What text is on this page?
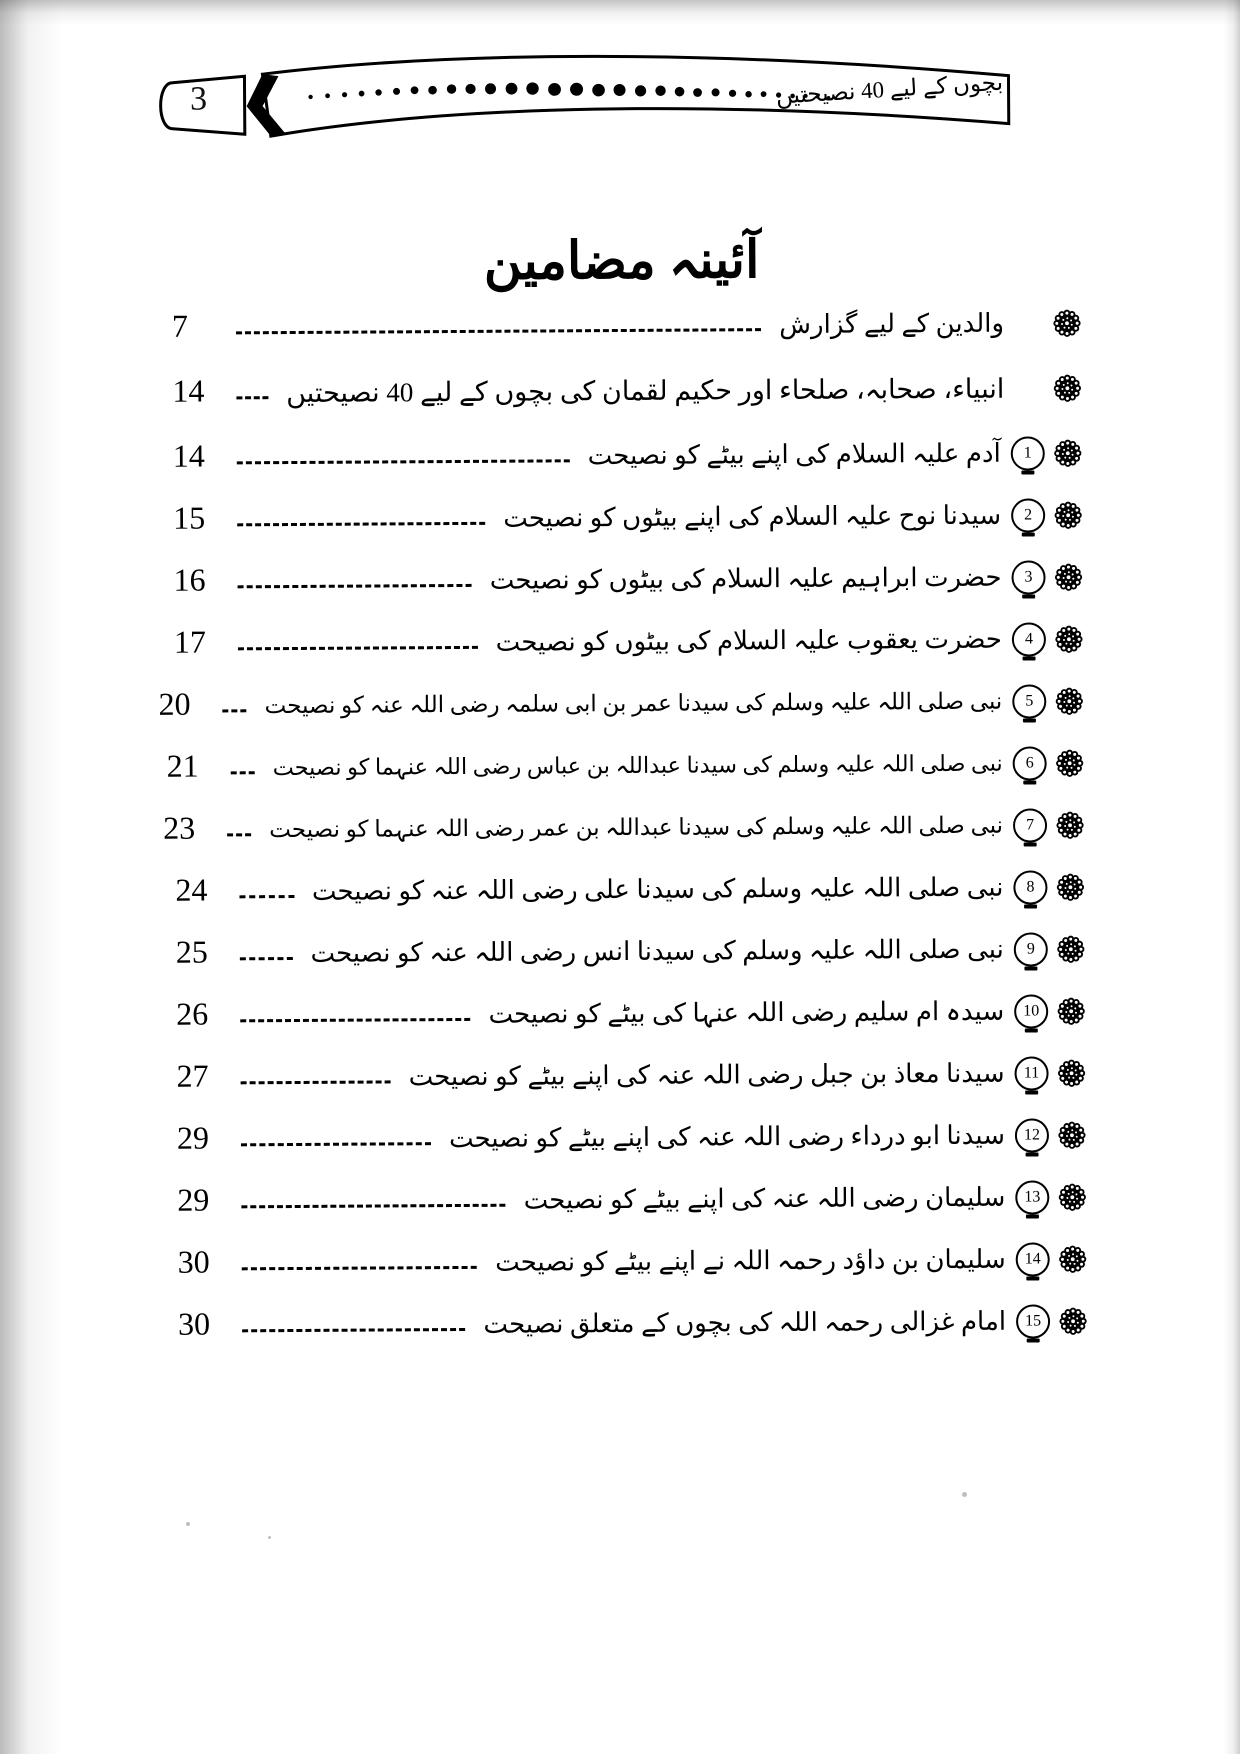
3	بچوں کے لیے 40 نصیحتیں
آئینہ مضامین
والدین کے لیے گزارش
7
انبیاء، صحابہ، صلحاء اور حکیم لقمان کی بچوں کے لیے 40 نصیحتیں
14
1
آدم علیہ السلام کی اپنے بیٹے کو نصیحت
14
2
سیدنا نوح علیہ السلام کی اپنے بیٹوں کو نصیحت
15
3
حضرت ابراہیم علیہ السلام کی بیٹوں کو نصیحت
16
4
حضرت یعقوب علیہ السلام کی بیٹوں کو نصیحت
17
5
نبی صلی اللہ علیہ وسلم کی سیدنا عمر بن ابی سلمہ رضی اللہ عنہ کو نصیحت
20
6
نبی صلی اللہ علیہ وسلم کی سیدنا عبداللہ بن عباس رضی اللہ عنہما کو نصیحت
21
7
نبی صلی اللہ علیہ وسلم کی سیدنا عبداللہ بن عمر رضی اللہ عنہما کو نصیحت
23
8
نبی صلی اللہ علیہ وسلم کی سیدنا علی رضی اللہ عنہ کو نصیحت
24
9
نبی صلی اللہ علیہ وسلم کی سیدنا انس رضی اللہ عنہ کو نصیحت
25
10
سیدہ ام سلیم رضی اللہ عنہا کی بیٹے کو نصیحت
26
11
سیدنا معاذ بن جبل رضی اللہ عنہ کی اپنے بیٹے کو نصیحت
27
12
سیدنا ابو درداء رضی اللہ عنہ کی اپنے بیٹے کو نصیحت
29
13
سلیمان رضی اللہ عنہ کی اپنے بیٹے کو نصیحت
29
14
سلیمان بن داؤد رحمہ اللہ نے اپنے بیٹے کو نصیحت
30
15
امام غزالی رحمہ اللہ کی بچوں کے متعلق نصیحت
30
